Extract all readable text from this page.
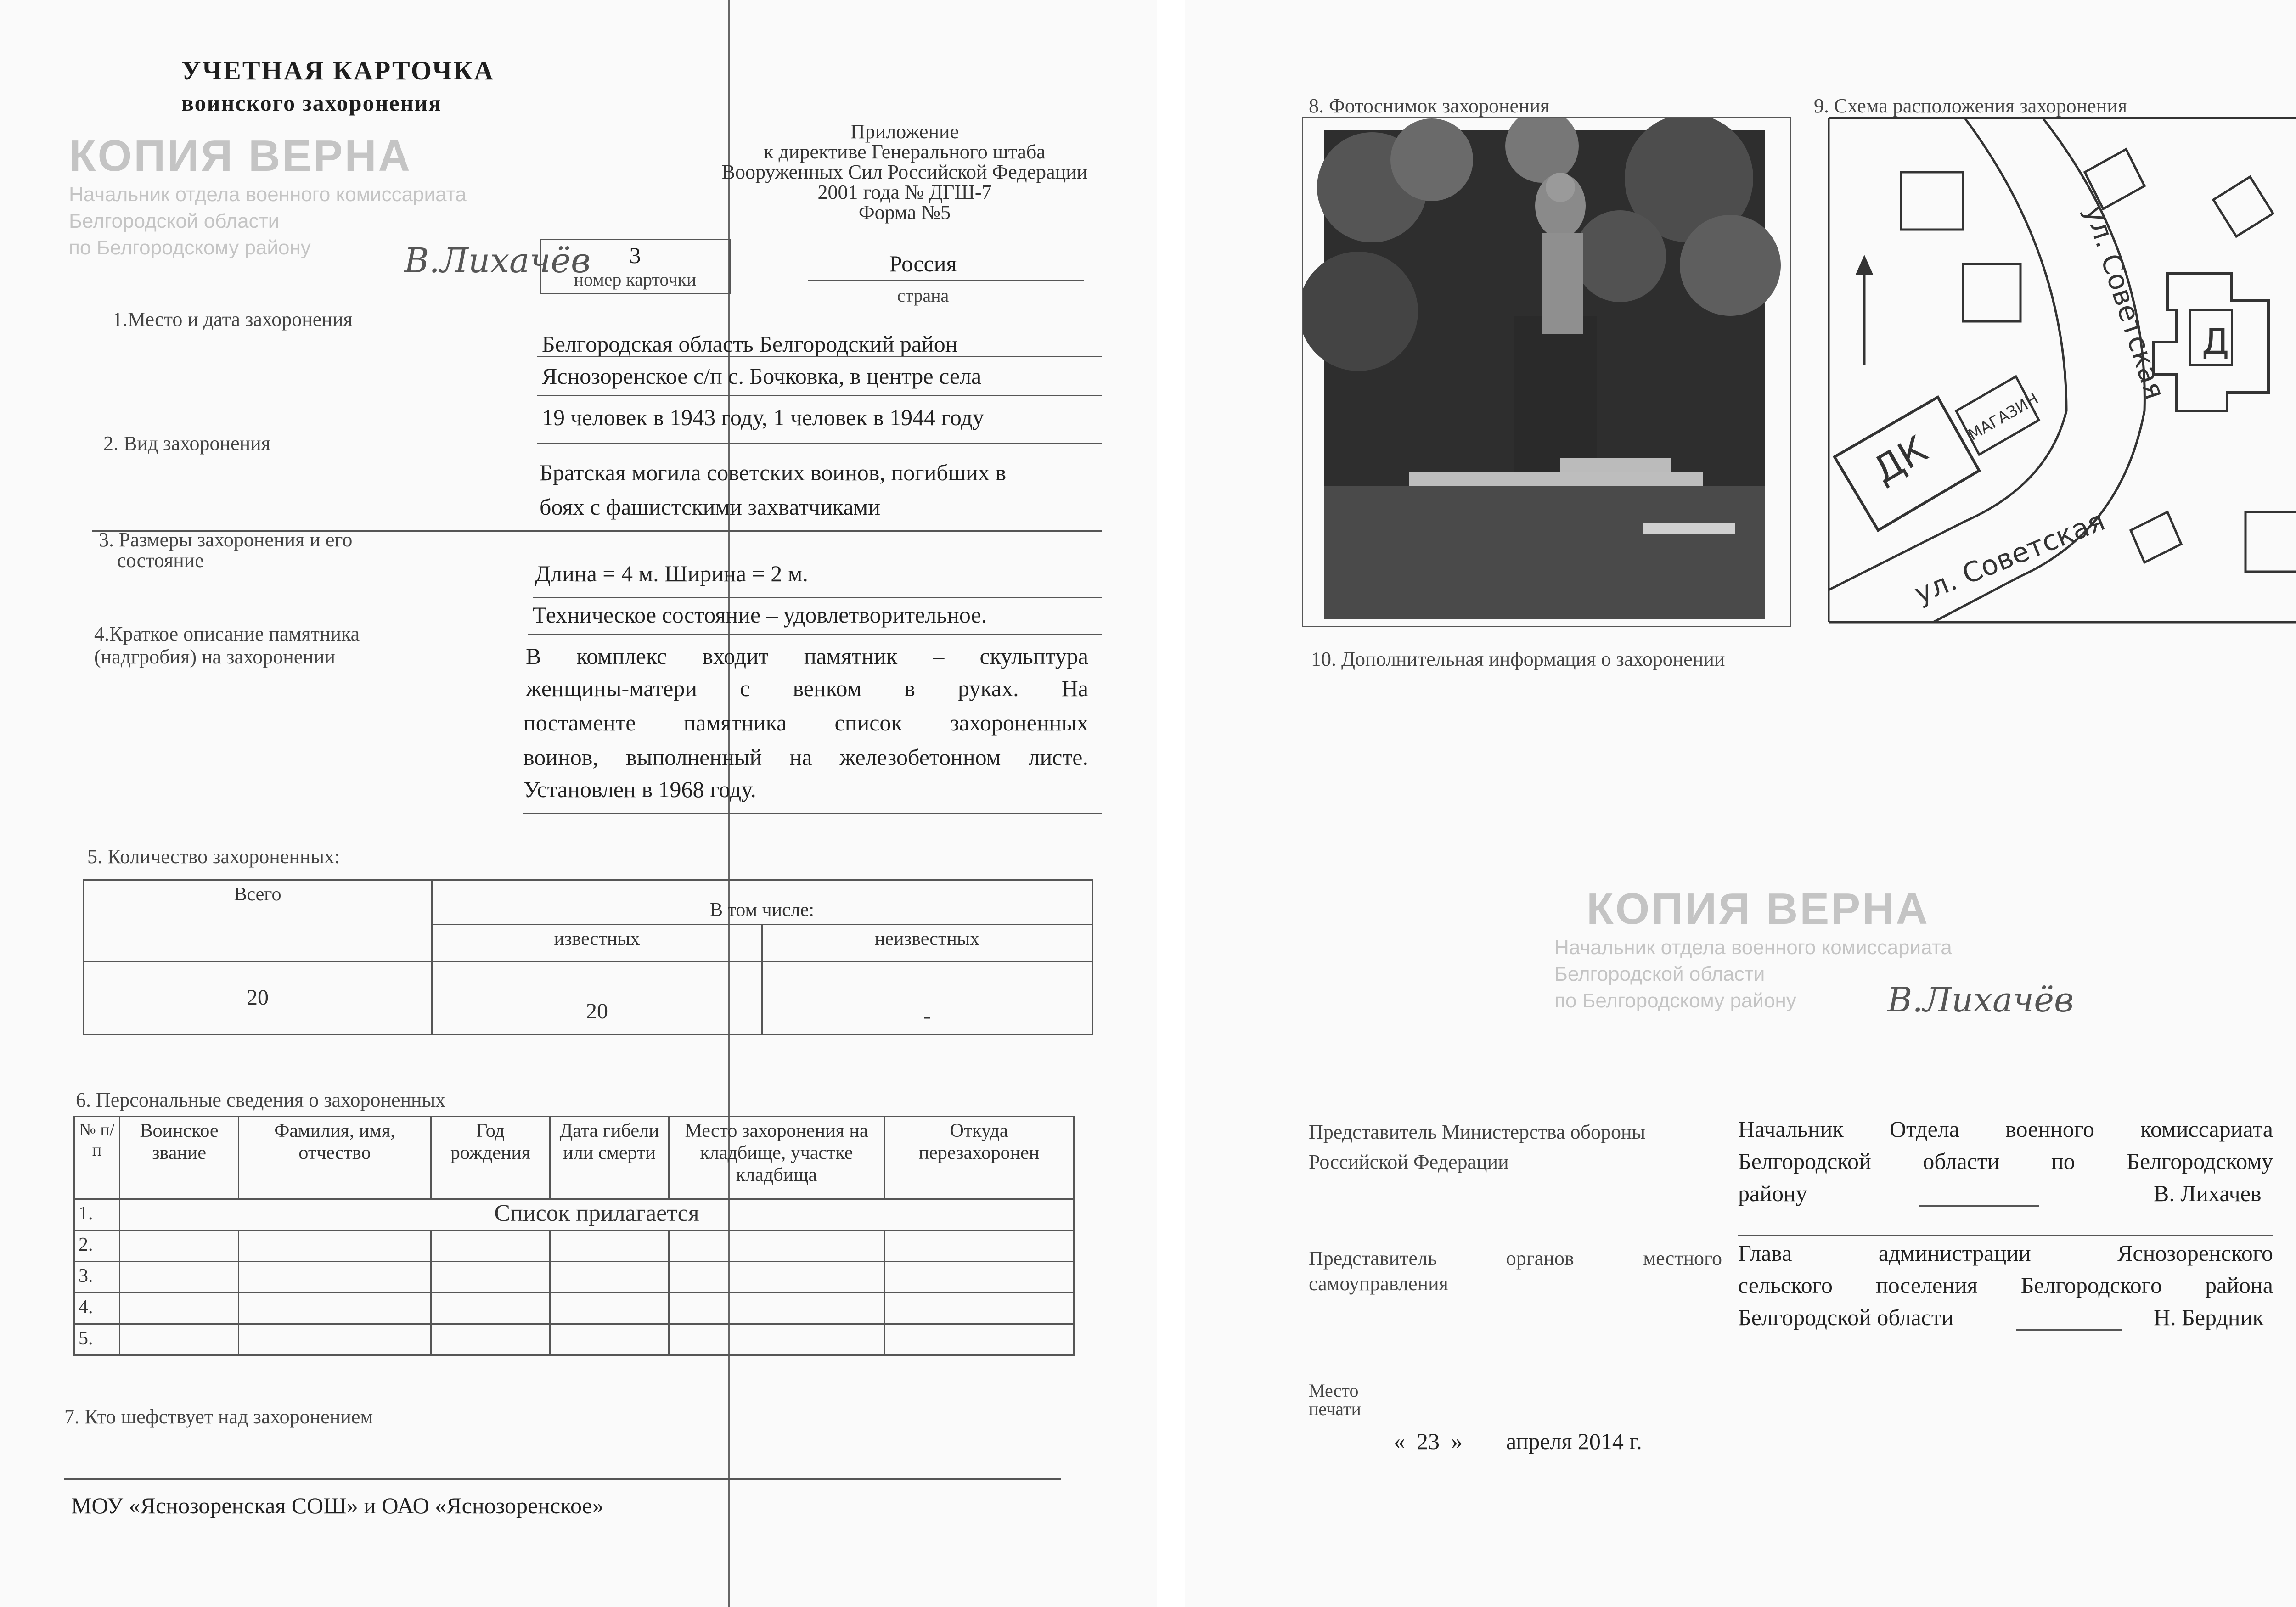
УЧЕТНАЯ КАРТОЧКА
воинского захоронения
Приложение
к директиве Генерального штаба
Вооруженных Сил Российской Федерации
2001 года № ДГШ-7
Форма №5
КОПИЯ ВЕРНА
Начальник отдела военного комиссариата
Белгородской области
по Белгородскому району	В.Лихачёв	3
номер карточки
Россия
страна
1.Место и дата захоронения
Белгородская область Белгородский район
Яснозоренское с/п с. Бочковка, в центре села
19 человек в 1943 году, 1 человек в 1944 году
2. Вид захоронения
Братская могила советских воинов, погибших в
боях с фашистскими захватчиками
3. Размеры захоронения и его
состояние
Длина = 4 м. Ширина = 2 м.
Техническое состояние – удовлетворительное.
4.Краткое описание памятника
(надгробия) на захоронении	В комплекс входит памятник – скульптура
женщины-матери с венком в руках. На
постаменте памятника список захороненных
воинов, выполненный на железобетонном листе.
Установлен в 1968 году.
5. Количество захороненных:
Всего	В том числе:	
	известных	неизвестных
20	20	-
6. Персональные сведения о захороненных
№ п/п	Воинское звание	Фамилия, имя, отчество	Год рождения	Дата гибели или смерти	Место захоронения на кладбище, участке кладбища	Откуда перезахоронен
1.	Список прилагается					
2.						
3.						
4.						
5.						
7. Кто шефствует над захоронением
МОУ «Яснозоренская СОШ» и ОАО «Яснозоренское»
8. Фотоснимок захоронения	9. Схема расположения захоронения
ул. Советская
ул. Советская
ДК
МАГАЗИН
Д
10. Дополнительная информация о захоронении
КОПИЯ ВЕРНА
Начальник отдела военного комиссариата
Белгородской области
по Белгородскому району	В.Лихачёв
Представитель Министерства обороны
Российской Федерации
Начальник Отдела военного комиссариата
Белгородской области по Белгородскому
району	В. Лихачев
Представитель органов местного
самоуправления
Глава администрации Яснозоренского
сельского поселения Белгородского района
Белгородской области	Н. Бердник
Место
печати
«  23  » апреля 2014 г.
